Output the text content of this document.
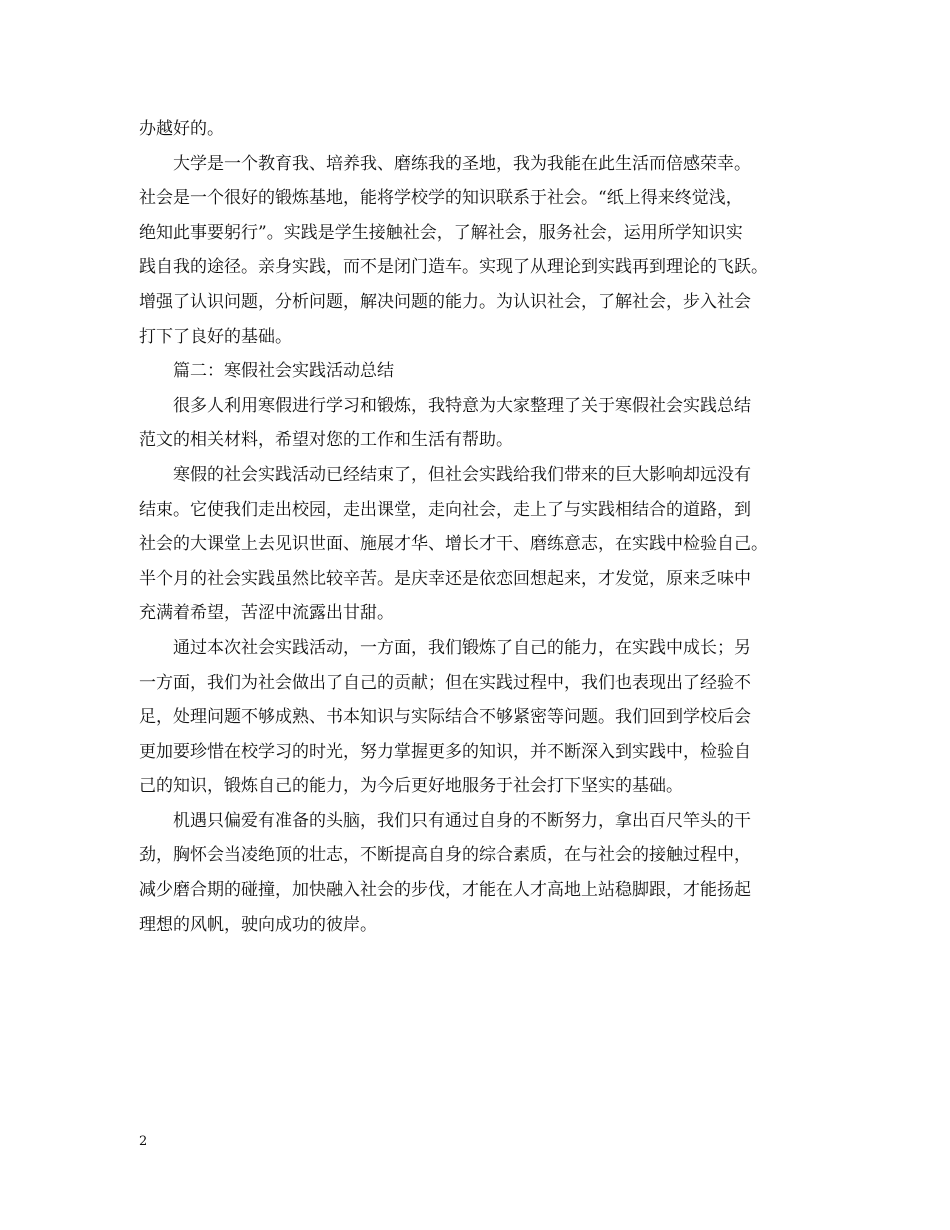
办越好的。
　　大学是一个教育我、培养我、磨练我的圣地，我为我能在此生活而倍感荣幸。
社会是一个很好的锻炼基地，能将学校学的知识联系于社会。“纸上得来终觉浅，
绝知此事要躬行”。实践是学生接触社会，了解社会，服务社会，运用所学知识实
践自我的途径。亲身实践，而不是闭门造车。实现了从理论到实践再到理论的飞跃。
增强了认识问题，分析问题，解决问题的能力。为认识社会，了解社会，步入社会
打下了良好的基础。
　　篇二：寒假社会实践活动总结
　　很多人利用寒假进行学习和锻炼，我特意为大家整理了关于寒假社会实践总结
范文的相关材料，希望对您的工作和生活有帮助。
　　寒假的社会实践活动已经结束了，但社会实践给我们带来的巨大影响却远没有
结束。它使我们走出校园，走出课堂，走向社会，走上了与实践相结合的道路，到
社会的大课堂上去见识世面、施展才华、增长才干、磨练意志，在实践中检验自己。
半个月的社会实践虽然比较辛苦。是庆幸还是依恋回想起来，才发觉，原来乏味中
充满着希望，苦涩中流露出甘甜。
　　通过本次社会实践活动，一方面，我们锻炼了自己的能力，在实践中成长；另
一方面，我们为社会做出了自己的贡献；但在实践过程中，我们也表现出了经验不
足，处理问题不够成熟、书本知识与实际结合不够紧密等问题。我们回到学校后会
更加要珍惜在校学习的时光，努力掌握更多的知识，并不断深入到实践中，检验自
己的知识，锻炼自己的能力，为今后更好地服务于社会打下坚实的基础。
　　机遇只偏爱有准备的头脑，我们只有通过自身的不断努力，拿出百尺竿头的干
劲，胸怀会当凌绝顶的壮志，不断提高自身的综合素质，在与社会的接触过程中，
减少磨合期的碰撞，加快融入社会的步伐，才能在人才高地上站稳脚跟，才能扬起
理想的风帆，驶向成功的彼岸。
2
